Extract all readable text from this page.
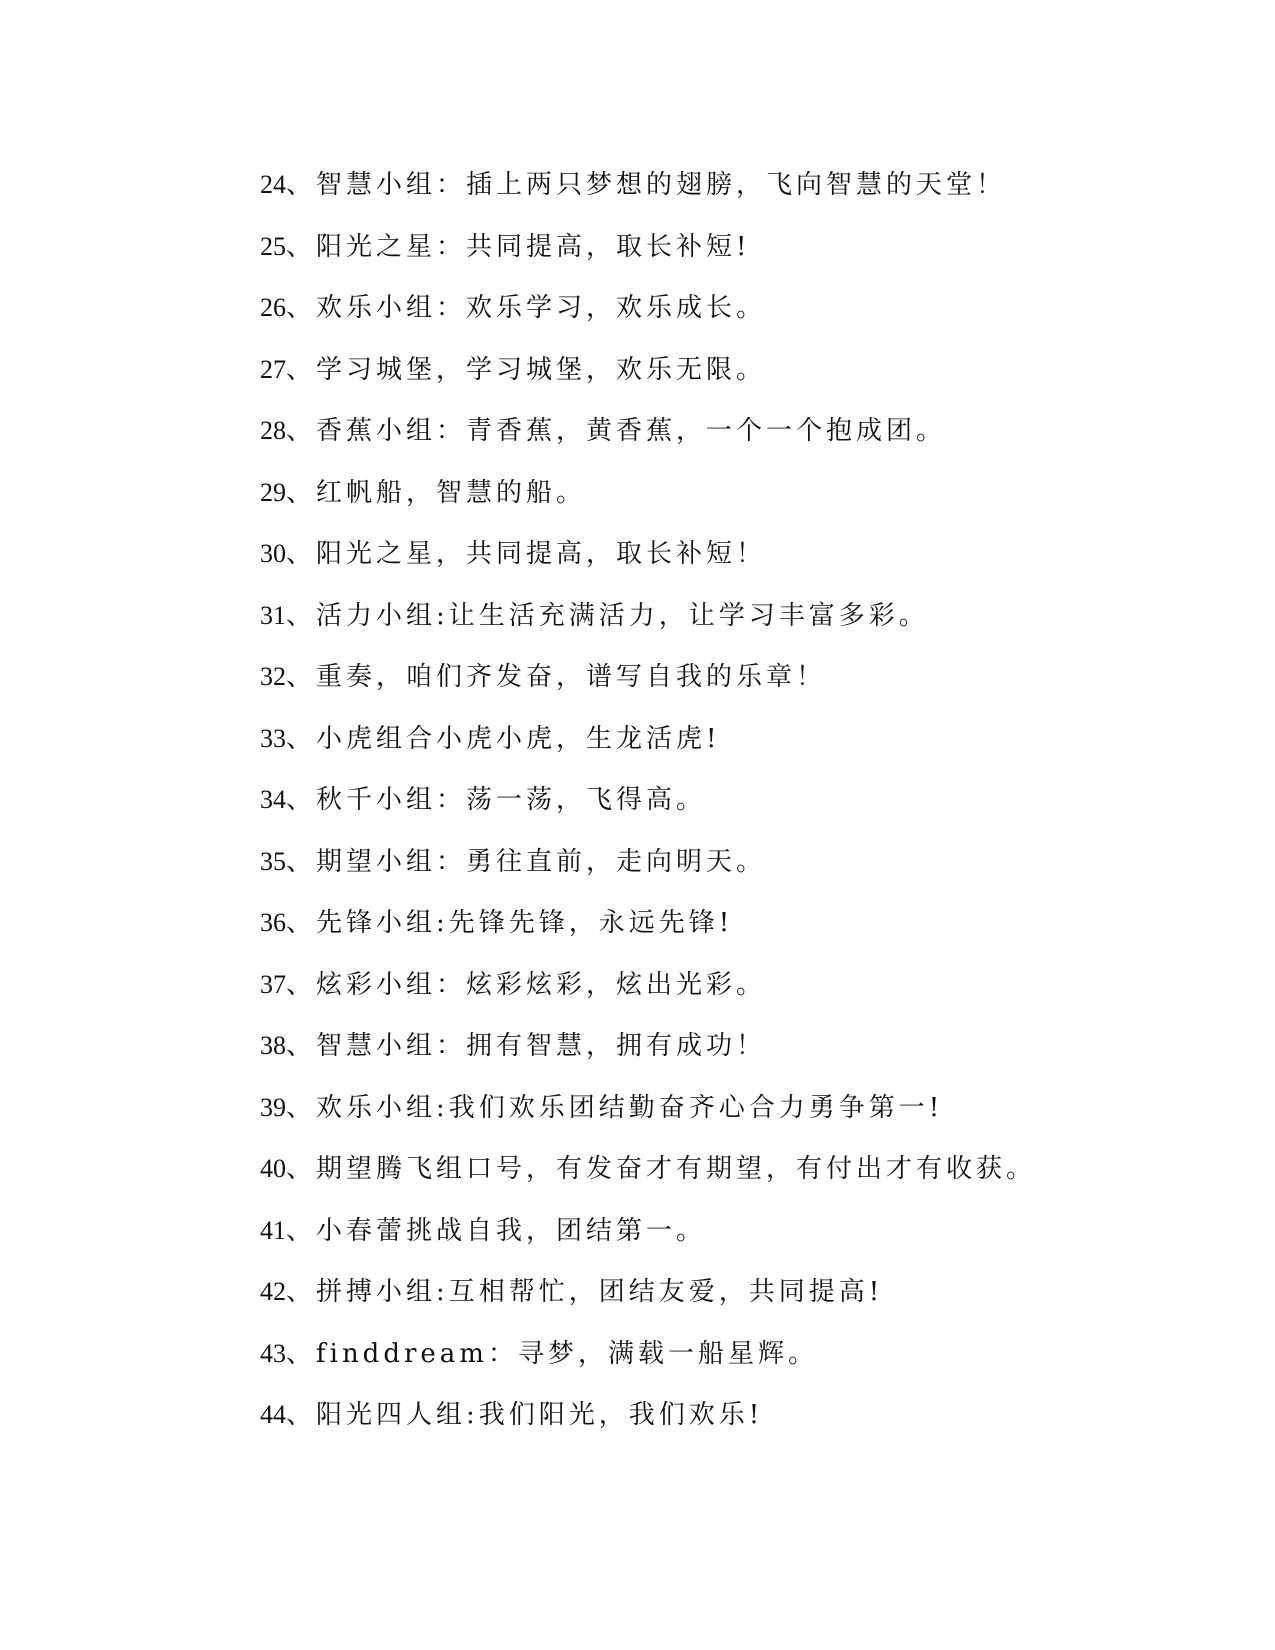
24、智慧小组：插上两只梦想的翅膀，飞向智慧的天堂！
25、阳光之星：共同提高，取长补短!
26、欢乐小组：欢乐学习，欢乐成长。
27、学习城堡，学习城堡，欢乐无限。
28、香蕉小组：青香蕉，黄香蕉，一个一个抱成团。
29、红帆船，智慧的船。
30、阳光之星，共同提高，取长补短！
31、活力小组:让生活充满活力，让学习丰富多彩。
32、重奏，咱们齐发奋，谱写自我的乐章！
33、小虎组合小虎小虎，生龙活虎!
34、秋千小组：荡一荡，飞得高。
35、期望小组：勇往直前，走向明天。
36、先锋小组:先锋先锋，永远先锋!
37、炫彩小组：炫彩炫彩，炫出光彩。
38、智慧小组：拥有智慧，拥有成功！
39、欢乐小组:我们欢乐团结勤奋齐心合力勇争第一!
40、期望腾飞组口号，有发奋才有期望，有付出才有收获。
41、小春蕾挑战自我，团结第一。
42、拼搏小组:互相帮忙，团结友爱，共同提高!
43、finddream：寻梦，满载一船星辉。
44、阳光四人组:我们阳光，我们欢乐!
